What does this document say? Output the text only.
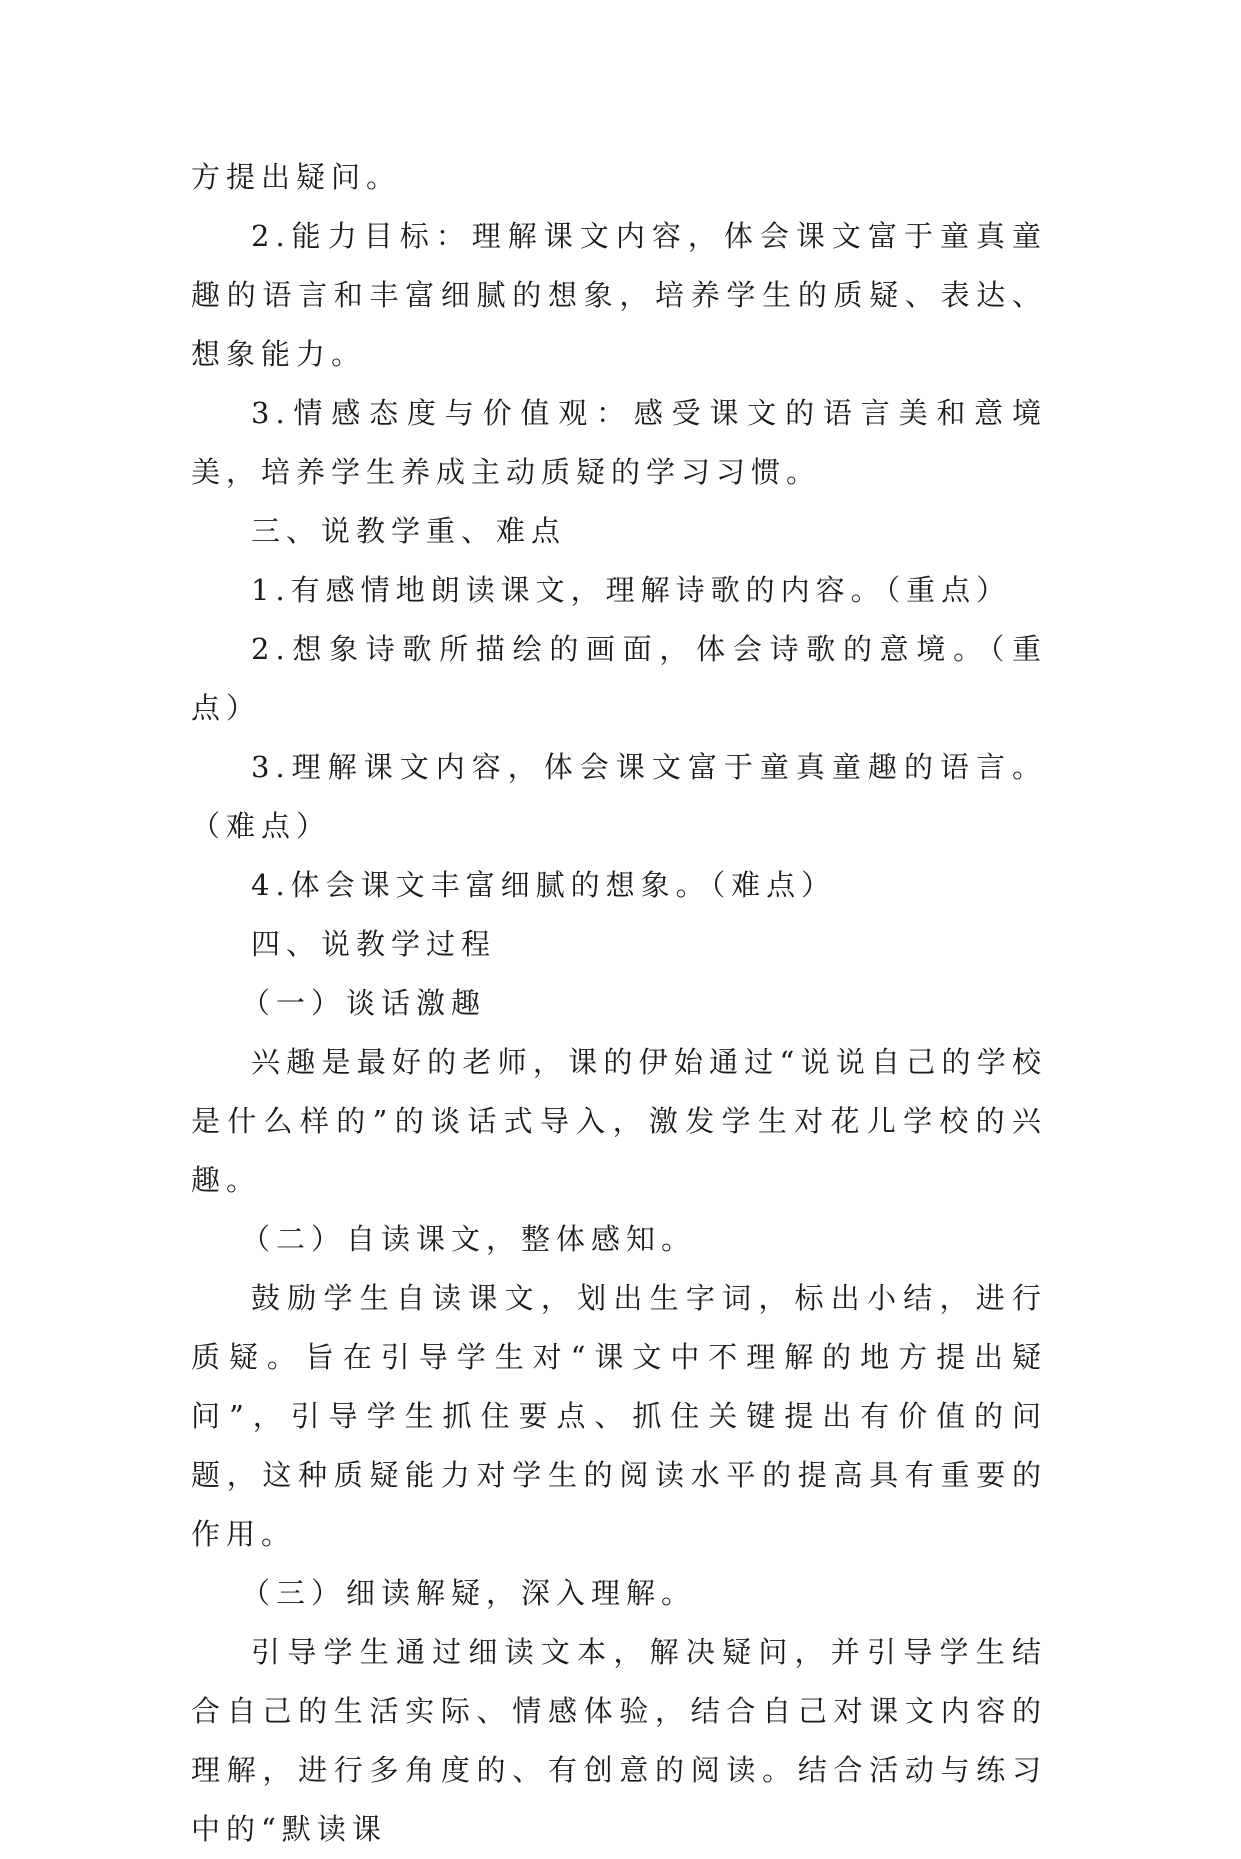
方提出疑问。

2.能力目标：理解课文内容，体会课文富于童真童趣的语言和丰富细腻的想象，培养学生的质疑、表达、想象能力。

3.情感态度与价值观：感受课文的语言美和意境美，培养学生养成主动质疑的学习习惯。

三、说教学重、难点

1.有感情地朗读课文，理解诗歌的内容。（重点）

2.想象诗歌所描绘的画面，体会诗歌的意境。（重点）

3.理解课文内容，体会课文富于童真童趣的语言。（难点）

4.体会课文丰富细腻的想象。（难点）

四、说教学过程

（一）谈话激趣

兴趣是最好的老师，课的伊始通过“说说自己的学校是什么样的”的谈话式导入，激发学生对花儿学校的兴趣。

（二）自读课文，整体感知。

鼓励学生自读课文，划出生字词，标出小结，进行质疑。旨在引导学生对“课文中不理解的地方提出疑问”，引导学生抓住要点、抓住关键提出有价值的问题，这种质疑能力对学生的阅读水平的提高具有重要的作用。

（三）细读解疑，深入理解。

引导学生通过细读文本，解决疑问，并引导学生结合自己的生活实际、情感体验，结合自己对课文内容的理解，进行多角度的、有创意的阅读。结合活动与练习中的“默读课
